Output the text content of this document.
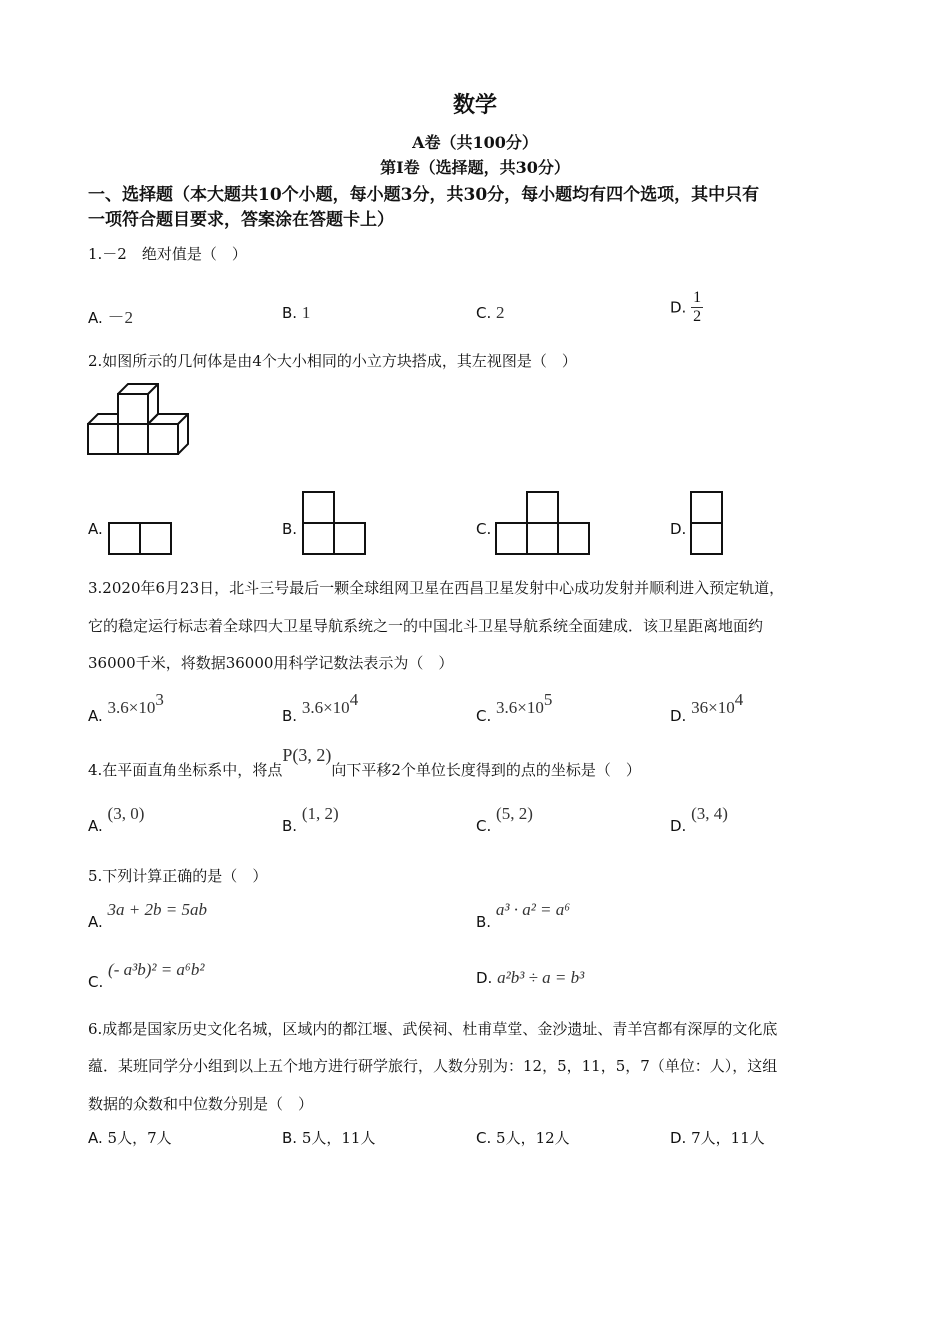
数学
A卷（共100分）
第Ⅰ卷（选择题，共30分）
一、选择题（本大题共10个小题，每小题3分，共30分，每小题均有四个选项，其中只有
一项符合题目要求，答案涂在答题卡上）
1.－2　绝对值是（　）
A. －2	B. 1	C. 2	D. $\frac{1}{2}$
2.如图所示的几何体是由4个大小相同的小立方块搭成，其左视图是（　）
A.	B.	C.	D.
3.2020年6月23日，北斗三号最后一颗全球组网卫星在西昌卫星发射中心成功发射并顺利进入预定轨道，
它的稳定运行标志着全球四大卫星导航系统之一的中国北斗卫星导航系统全面建成．该卫星距离地面约
36000千米，将数据36000用科学记数法表示为（　）
A. $3.6\times 10^3$
B. $3.6\times 10^4$
C. $3.6\times 10^5$
D. $36\times 10^4$
4.在平面直角坐标系中，将点P(3, 2)向下平移2个单位长度得到的点的坐标是（　）
A. (3, 0)
B. (1, 2)
C. (5, 2)
D. (3, 4)
5.下列计算正确的是（　）
A. 3a + 2b = 5ab
B. a³ · a² = a⁶
C. (- a³b)² = a⁶b²	D. a²b³ ÷ a = b³
6.成都是国家历史文化名城，区域内的都江堰、武侯祠、杜甫草堂、金沙遗址、青羊宫都有深厚的文化底
蕴．某班同学分小组到以上五个地方进行研学旅行，人数分别为：12，5，11，5，7（单位：人），这组
数据的众数和中位数分别是（　）
A. 5人，7人	B. 5人，11人	C. 5人，12人	D. 7人，11人
